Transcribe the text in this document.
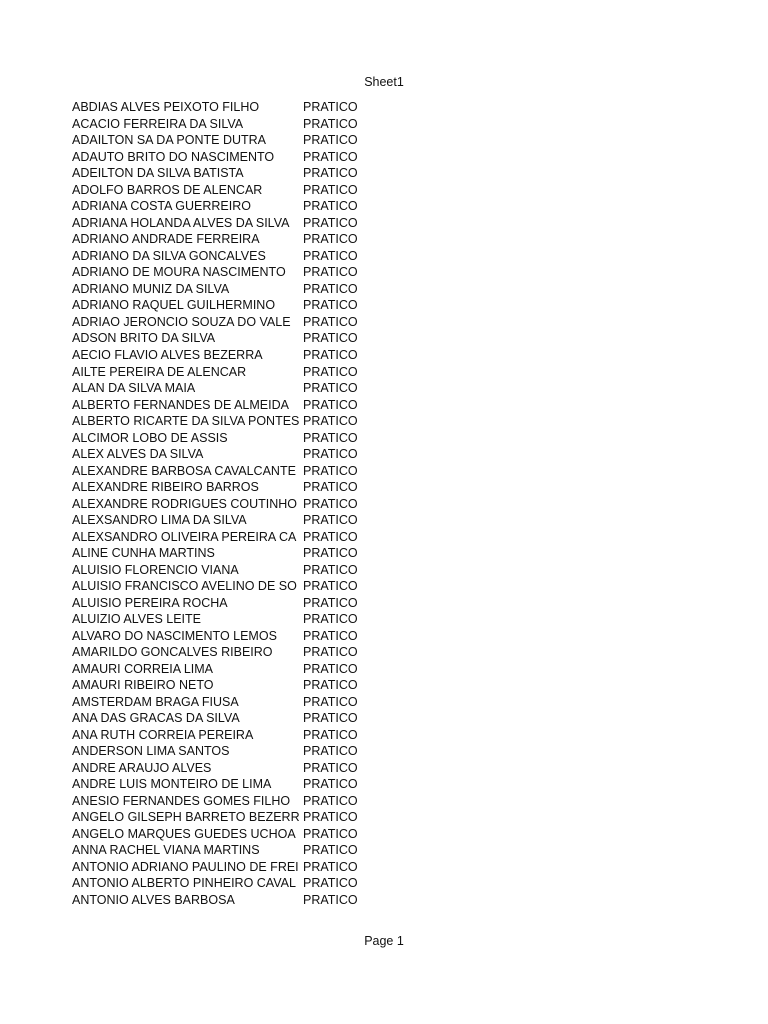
Sheet1
ABDIAS ALVES PEIXOTO FILHO	PRATICO
ACACIO FERREIRA DA SILVA	PRATICO
ADAILTON SA DA PONTE DUTRA	PRATICO
ADAUTO BRITO DO NASCIMENTO	PRATICO
ADEILTON DA SILVA BATISTA	PRATICO
ADOLFO BARROS DE ALENCAR	PRATICO
ADRIANA COSTA GUERREIRO	PRATICO
ADRIANA HOLANDA ALVES DA SILVA	PRATICO
ADRIANO ANDRADE FERREIRA	PRATICO
ADRIANO DA SILVA GONCALVES	PRATICO
ADRIANO DE MOURA NASCIMENTO	PRATICO
ADRIANO MUNIZ DA SILVA	PRATICO
ADRIANO RAQUEL GUILHERMINO	PRATICO
ADRIAO JERONCIO SOUZA DO VALE PRATICO
ADSON BRITO DA SILVA	PRATICO
AECIO FLAVIO ALVES BEZERRA	PRATICO
AILTE PEREIRA DE ALENCAR	PRATICO
ALAN DA SILVA MAIA	PRATICO
ALBERTO FERNANDES DE ALMEIDA	PRATICO
ALBERTO RICARTE DA SILVA PONTES PRATICO
ALCIMOR LOBO DE ASSIS	PRATICO
ALEX ALVES DA SILVA	PRATICO
ALEXANDRE BARBOSA CAVALCANTE PRATICO
ALEXANDRE RIBEIRO BARROS	PRATICO
ALEXANDRE RODRIGUES COUTINHO PRATICO
ALEXSANDRO LIMA DA SILVA	PRATICO
ALEXSANDRO OLIVEIRA PEREIRA CA PRATICO
ALINE CUNHA MARTINS	PRATICO
ALUISIO FLORENCIO VIANA	PRATICO
ALUISIO FRANCISCO AVELINO DE SO PRATICO
ALUISIO PEREIRA ROCHA	PRATICO
ALUIZIO ALVES LEITE	PRATICO
ALVARO DO NASCIMENTO LEMOS	PRATICO
AMARILDO GONCALVES RIBEIRO	PRATICO
AMAURI CORREIA LIMA	PRATICO
AMAURI RIBEIRO NETO	PRATICO
AMSTERDAM BRAGA FIUSA	PRATICO
ANA DAS GRACAS DA SILVA	PRATICO
ANA RUTH CORREIA PEREIRA	PRATICO
ANDERSON LIMA SANTOS	PRATICO
ANDRE ARAUJO ALVES	PRATICO
ANDRE LUIS MONTEIRO DE LIMA	PRATICO
ANESIO FERNANDES GOMES FILHO	PRATICO
ANGELO GILSEPH BARRETO BEZERR PRATICO
ANGELO MARQUES GUEDES UCHOA PRATICO
ANNA RACHEL VIANA MARTINS	PRATICO
ANTONIO ADRIANO PAULINO DE FREI PRATICO
ANTONIO ALBERTO PINHEIRO CAVAL PRATICO
ANTONIO ALVES BARBOSA	PRATICO
Page 1
